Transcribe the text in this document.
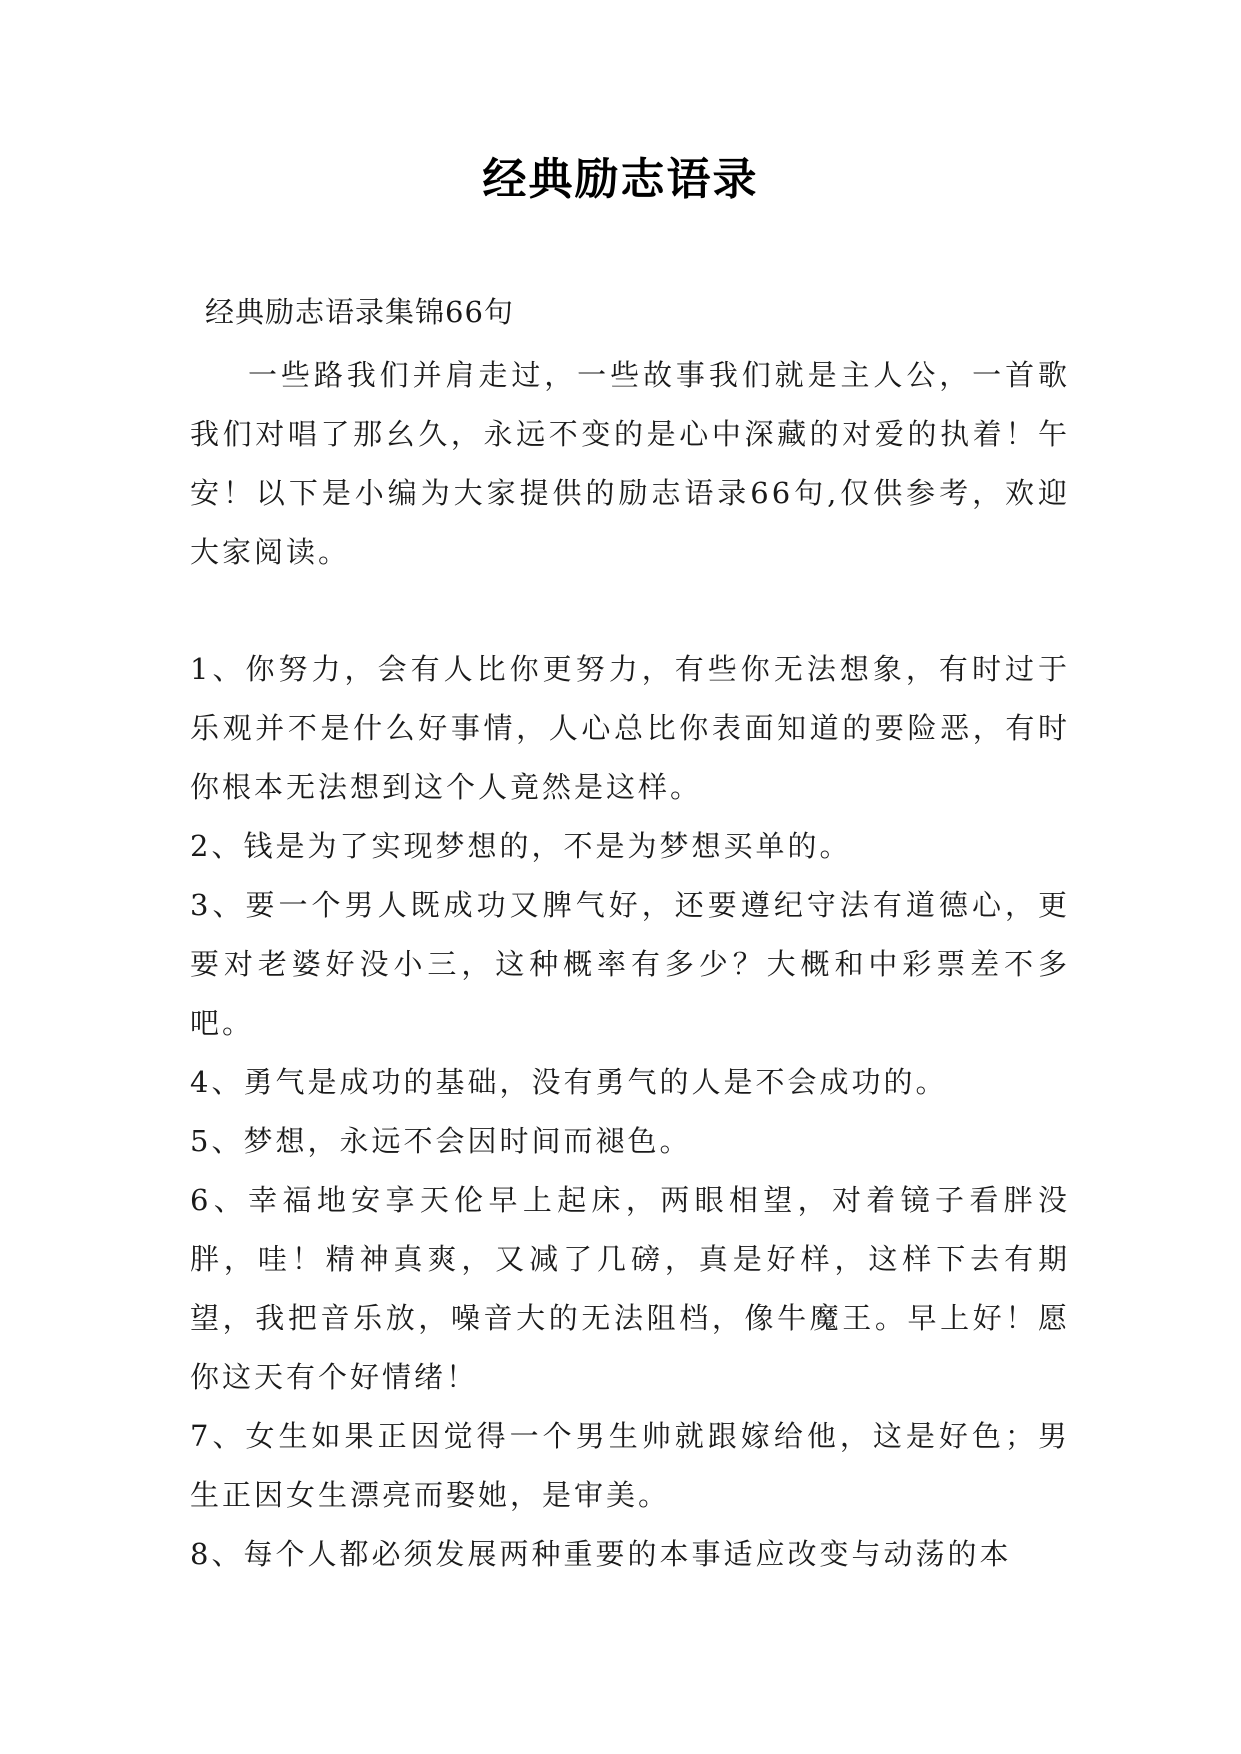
经典励志语录
经典励志语录集锦66句
一些路我们并肩走过，一些故事我们就是主人公，一首歌我们对唱了那幺久，永远不变的是心中深藏的对爱的执着！午安！以下是小编为大家提供的励志语录66句,仅供参考，欢迎大家阅读。

1、你努力，会有人比你更努力，有些你无法想象，有时过于乐观并不是什么好事情，人心总比你表面知道的要险恶，有时你根本无法想到这个人竟然是这样。

2、钱是为了实现梦想的，不是为梦想买单的。

3、要一个男人既成功又脾气好，还要遵纪守法有道德心，更要对老婆好没小三，这种概率有多少？大概和中彩票差不多吧。

4、勇气是成功的基础，没有勇气的人是不会成功的。

5、梦想，永远不会因时间而褪色。

6、幸福地安享天伦早上起床，两眼相望，对着镜子看胖没胖，哇！精神真爽，又减了几磅，真是好样，这样下去有期望，我把音乐放，噪音大的无法阻档，像牛魔王。早上好！愿你这天有个好情绪！

7、女生如果正因觉得一个男生帅就跟嫁给他，这是好色；男生正因女生漂亮而娶她，是审美。

8、每个人都必须发展两种重要的本事适应改变与动荡的本
